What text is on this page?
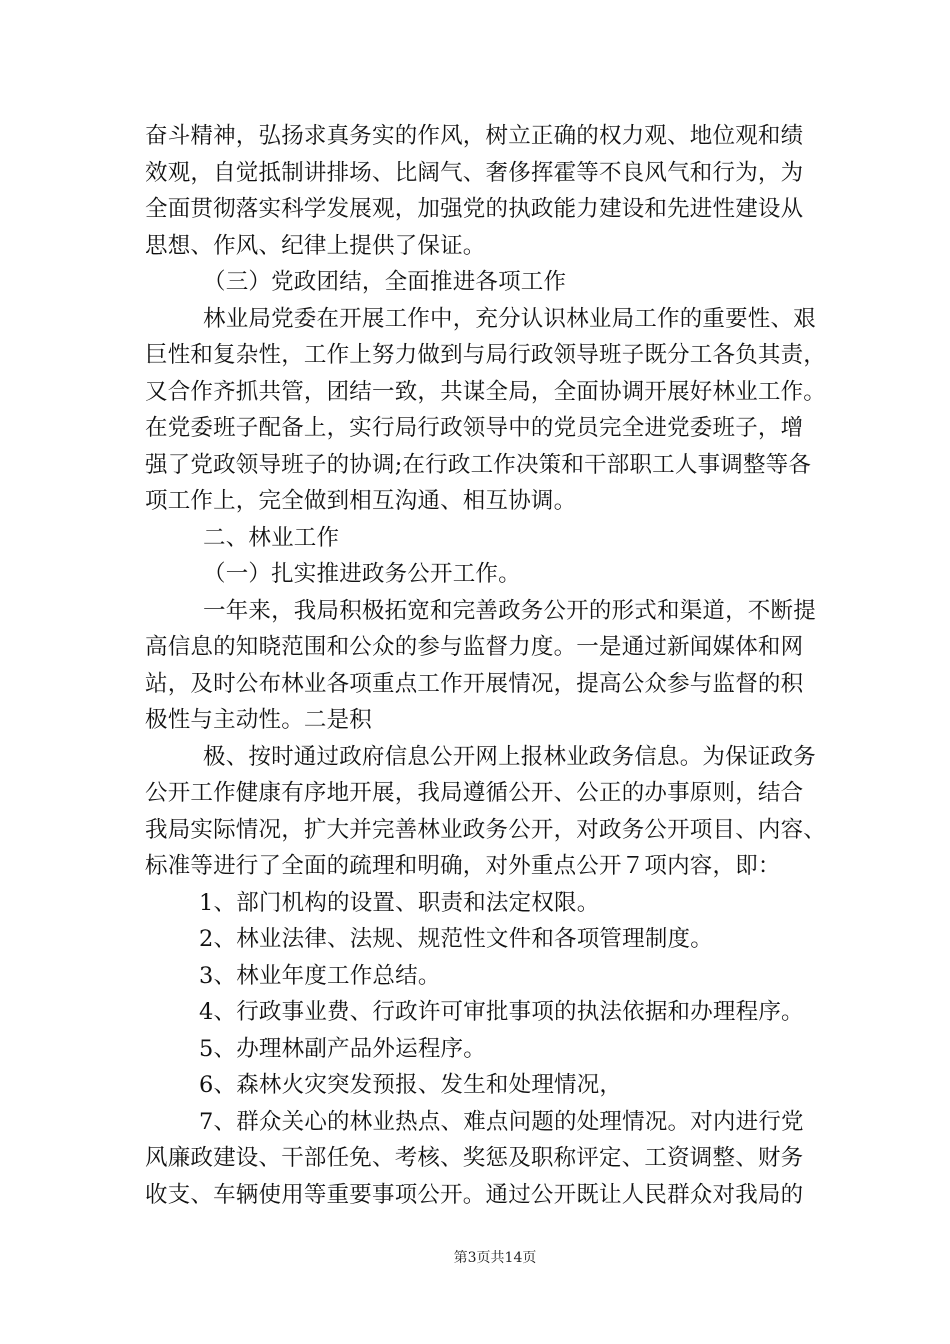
奋斗精神，弘扬求真务实的作风，树立正确的权力观、地位观和绩
效观，自觉抵制讲排场、比阔气、奢侈挥霍等不良风气和行为，为
全面贯彻落实科学发展观，加强党的执政能力建设和先进性建设从
思想、作风、纪律上提供了保证。
（三）党政团结，全面推进各项工作
林业局党委在开展工作中，充分认识林业局工作的重要性、艰
巨性和复杂性，工作上努力做到与局行政领导班子既分工各负其责，
又合作齐抓共管，团结一致，共谋全局，全面协调开展好林业工作。
在党委班子配备上，实行局行政领导中的党员完全进党委班子，增
强了党政领导班子的协调;在行政工作决策和干部职工人事调整等各
项工作上，完全做到相互沟通、相互协调。
二、林业工作
（一）扎实推进政务公开工作。
一年来，我局积极拓宽和完善政务公开的形式和渠道，不断提
高信息的知晓范围和公众的参与监督力度。一是通过新闻媒体和网
站，及时公布林业各项重点工作开展情况，提高公众参与监督的积
极性与主动性。二是积
极、按时通过政府信息公开网上报林业政务信息。为保证政务
公开工作健康有序地开展，我局遵循公开、公正的办事原则，结合
我局实际情况，扩大并完善林业政务公开，对政务公开项目、内容、
标准等进行了全面的疏理和明确，对外重点公开７项内容，即：
1、部门机构的设置、职责和法定权限。
2、林业法律、法规、规范性文件和各项管理制度。
3、林业年度工作总结。
4、行政事业费、行政许可审批事项的执法依据和办理程序。
5、办理林副产品外运程序。
6、森林火灾突发预报、发生和处理情况，
7、群众关心的林业热点、难点问题的处理情况。对内进行党
风廉政建设、干部任免、考核、奖惩及职称评定、工资调整、财务
收支、车辆使用等重要事项公开。通过公开既让人民群众对我局的
第3页共14页
